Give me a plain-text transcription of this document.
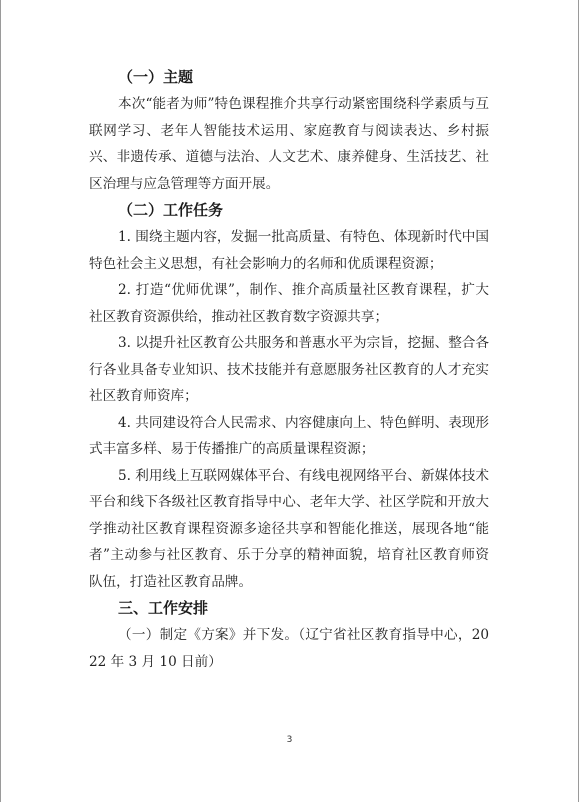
（一）主题

本次“能者为师”特色课程推介共享行动紧密围绕科学素质与互联网学习、老年人智能技术运用、家庭教育与阅读表达、乡村振兴、非遗传承、道德与法治、人文艺术、康养健身、生活技艺、社区治理与应急管理等方面开展。

（二）工作任务

1. 围绕主题内容，发掘一批高质量、有特色、体现新时代中国特色社会主义思想，有社会影响力的名师和优质课程资源；

2. 打造“优师优课”，制作、推介高质量社区教育课程，扩大社区教育资源供给，推动社区教育数字资源共享；

3. 以提升社区教育公共服务和普惠水平为宗旨，挖掘、整合各行各业具备专业知识、技术技能并有意愿服务社区教育的人才充实社区教育师资库；

4. 共同建设符合人民需求、内容健康向上、特色鲜明、表现形式丰富多样、易于传播推广的高质量课程资源；

5. 利用线上互联网媒体平台、有线电视网络平台、新媒体技术平台和线下各级社区教育指导中心、老年大学、社区学院和开放大学推动社区教育课程资源多途径共享和智能化推送，展现各地“能者”主动参与社区教育、乐于分享的精神面貌，培育社区教育师资队伍，打造社区教育品牌。

三、工作安排

（一）制定《方案》并下发。（辽宁省社区教育指导中心，2022 年 3 月 10 日前）

3
